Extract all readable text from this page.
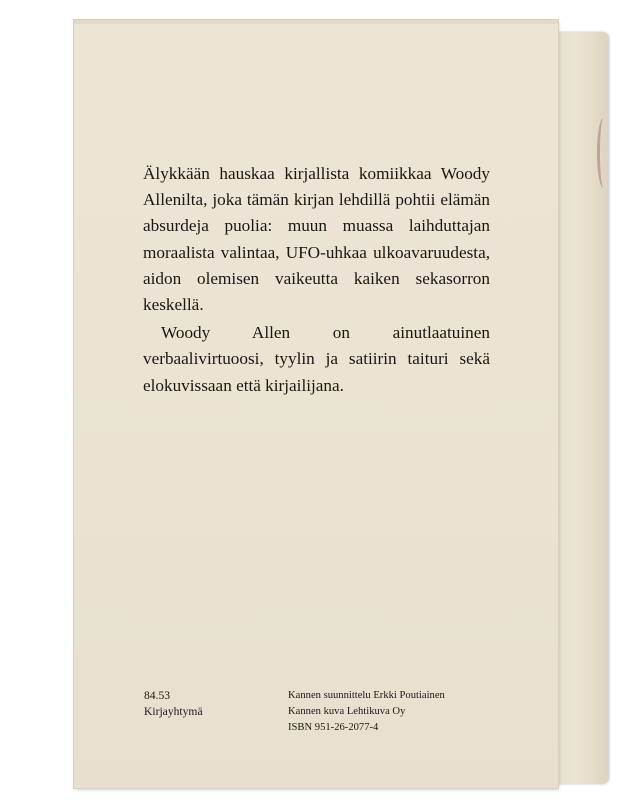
Älykkään hauskaa kirjallista komiikkaa Woody Allenilta, joka tämän kirjan lehdillä pohtii elämän absurdeja puolia: muun muassa laihduttajan moraalista valintaa, UFO-uhkaa ulkoavaruudesta, aidon olemisen vaikeutta kaiken sekasorron keskellä.

Woody Allen on ainutlaatuinen verbaalivirtuoosi, tyylin ja satiirin taituri sekä elokuvissaan että kirjailijana.

84.53
Kirjayhtymä
Kannen suunnittelu Erkki Poutiainen
Kannen kuva Lehtikuva Oy
ISBN 951-26-2077-4
